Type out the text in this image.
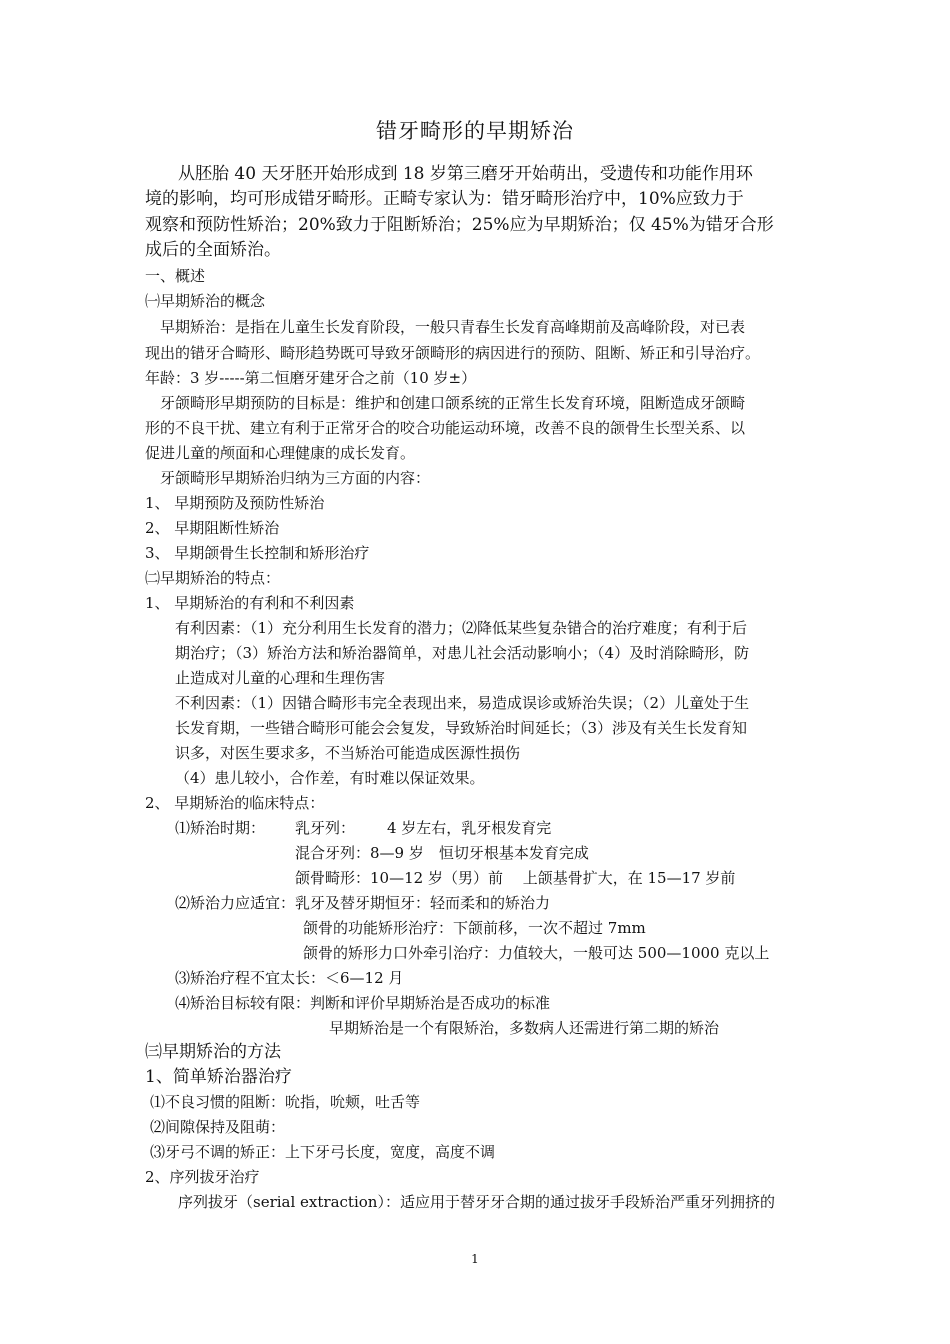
错牙畸形的早期矫治
从胚胎 40 天牙胚开始形成到 18 岁第三磨牙开始萌出，受遗传和功能作用环
境的影响，均可形成错牙畸形。正畸专家认为：错牙畸形治疗中，10%应致力于
观察和预防性矫治；20%致力于阻断矫治；25%应为早期矫治；仅 45%为错牙合形
成后的全面矫治。
一、概述
㈠早期矫治的概念
早期矫治：是指在儿童生长发育阶段，一般只青春生长发育高峰期前及高峰阶段，对已表
现出的错牙合畸形、畸形趋势既可导致牙颌畸形的病因进行的预防、阻断、矫正和引导治疗。
年龄：3 岁-----第二恒磨牙建牙合之前（10 岁±）
牙颌畸形早期预防的目标是：维护和创建口颌系统的正常生长发育环境，阻断造成牙颌畸
形的不良干扰、建立有利于正常牙合的咬合功能运动环境，改善不良的颌骨生长型关系、以
促进儿童的颅面和心理健康的成长发育。
牙颌畸形早期矫治归纳为三方面的内容：
1、 早期预防及预防性矫治
2、 早期阻断性矫治
3、 早期颌骨生长控制和矫形治疗
㈡早期矫治的特点：
1、 早期矫治的有利和不利因素
有利因素：（1）充分利用生长发育的潜力；⑵降低某些复杂错合的治疗难度；有利于后
期治疗；（3）矫治方法和矫治器简单，对患儿社会活动影响小；（4）及时消除畸形，防
止造成对儿童的心理和生理伤害
不利因素：（1）因错合畸形韦完全表现出来，易造成误诊或矫治失误；（2）儿童处于生
长发育期，一些错合畸形可能会会复发，导致矫治时间延长；（3）涉及有关生长发育知
识多，对医生要求多，不当矫治可能造成医源性损伤
（4）患儿较小，合作差，有时难以保证效果。
2、 早期矫治的临床特点：
⑴矫治时期： 乳牙列： 4 岁左右，乳牙根发育完
混合牙列：8—9 岁　恒切牙根基本发育完成
颌骨畸形：10—12 岁（男）前　 上颌基骨扩大，在 15—17 岁前
⑵矫治力应适宜：乳牙及替牙期恒牙：轻而柔和的矫治力
颌骨的功能矫形治疗：下颌前移，一次不超过 7mm
颌骨的矫形力口外牵引治疗：力值较大，一般可达 500—1000 克以上
⑶矫治疗程不宜太长：＜6—12 月
⑷矫治目标较有限：判断和评价早期矫治是否成功的标准
早期矫治是一个有限矫治，多数病人还需进行第二期的矫治
㈢早期矫治的方法
1、简单矫治器治疗
⑴不良习惯的阻断：吮指，吮颊，吐舌等
⑵间隙保持及阻萌：
⑶牙弓不调的矫正：上下牙弓长度，宽度，高度不调
2、序列拔牙治疗
序列拔牙（serial extraction）：适应用于替牙牙合期的通过拔牙手段矫治严重牙列拥挤的
1
